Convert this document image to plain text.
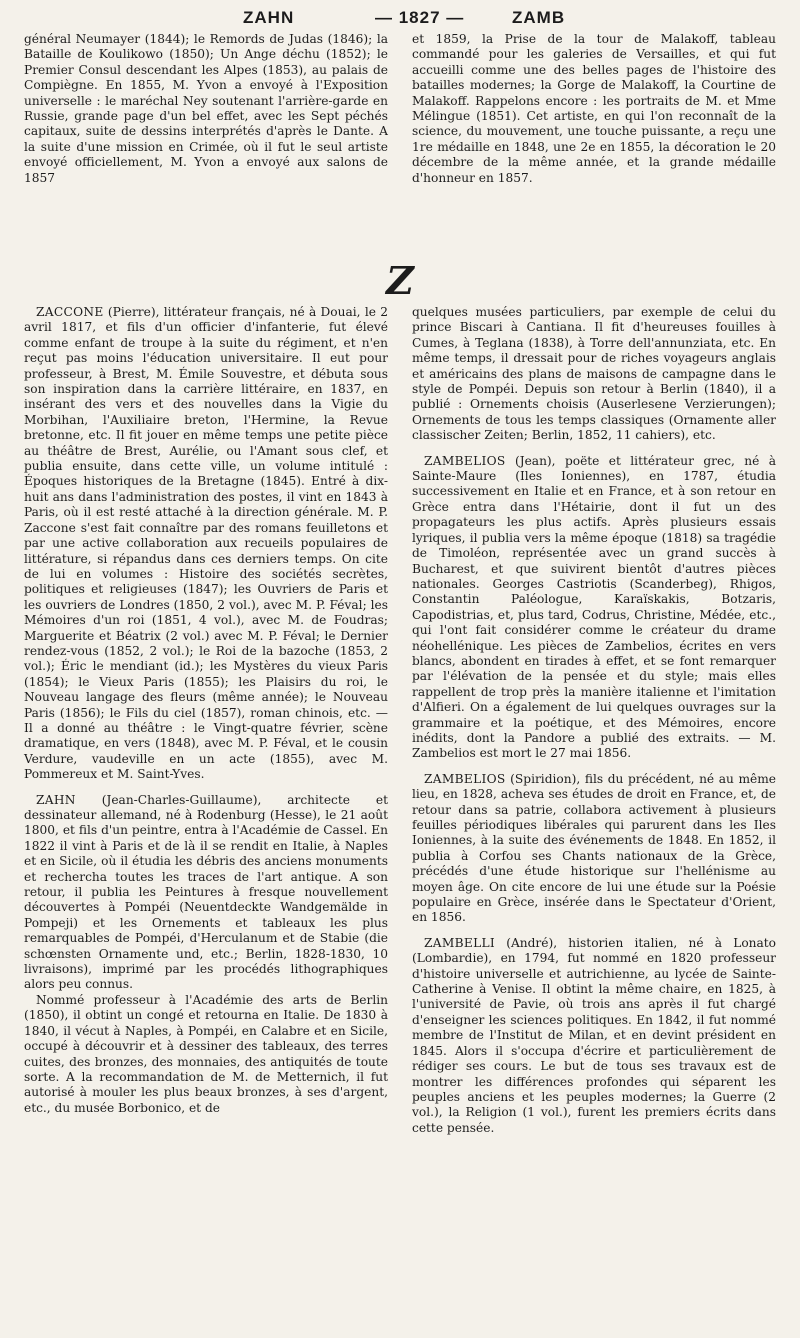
ZAHN	— 1827 —	ZAMB

général Neumayer (1844); le Remords de Judas (1846); la Bataille de Koulikowo (1850); Un Ange déchu (1852); le Premier Consul descendant les Alpes (1853), au palais de Compiègne. En 1855, M. Yvon a envoyé à l'Exposition universelle : le maréchal Ney soutenant l'arrière-garde en Russie, grande page d'un bel effet, avec les Sept péchés capitaux, suite de dessins interprétés d'après le Dante. A la suite d'une mission en Crimée, où il fut le seul artiste envoyé officiellement, M. Yvon a envoyé aux salons de 1857

et 1859, la Prise de la tour de Malakoff, tableau commandé pour les galeries de Versailles, et qui fut accueilli comme une des belles pages de l'histoire des batailles modernes; la Gorge de Malakoff, la Courtine de Malakoff. Rappelons encore : les portraits de M. et Mme Mélingue (1851). Cet artiste, en qui l'on reconnaît de la science, du mouvement, une touche puissante, a reçu une 1re médaille en 1848, une 2e en 1855, la décoration le 20 décembre de la même année, et la grande médaille d'honneur en 1857.

Z

ZACCONE (Pierre), littérateur français, né à Douai, le 2 avril 1817, et fils d'un officier d'infanterie, fut élevé comme enfant de troupe à la suite du régiment, et n'en reçut pas moins l'éducation universitaire. Il eut pour professeur, à Brest, M. Émile Souvestre, et débuta sous son inspiration dans la carrière littéraire, en 1837, en insérant des vers et des nouvelles dans la Vigie du Morbihan, l'Auxiliaire breton, l'Hermine, la Revue bretonne, etc. Il fit jouer en même temps une petite pièce au théâtre de Brest, Aurélie, ou l'Amant sous clef, et publia ensuite, dans cette ville, un volume intitulé : Époques historiques de la Bretagne (1845). Entré à dix-huit ans dans l'administration des postes, il vint en 1843 à Paris, où il est resté attaché à la direction générale. M. P. Zaccone s'est fait connaître par des romans feuilletons et par une active collaboration aux recueils populaires de littérature, si répandus dans ces derniers temps. On cite de lui en volumes : Histoire des sociétés secrètes, politiques et religieuses (1847); les Ouvriers de Paris et les ouvriers de Londres (1850, 2 vol.), avec M. P. Féval; les Mémoires d'un roi (1851, 4 vol.), avec M. de Foudras; Marguerite et Béatrix (2 vol.) avec M. P. Féval; le Dernier rendez-vous (1852, 2 vol.); le Roi de la bazoche (1853, 2 vol.); Éric le mendiant (id.); les Mystères du vieux Paris (1854); le Vieux Paris (1855); les Plaisirs du roi, le Nouveau langage des fleurs (même année); le Nouveau Paris (1856); le Fils du ciel (1857), roman chinois, etc. — Il a donné au théâtre : le Vingt-quatre février, scène dramatique, en vers (1848), avec M. P. Féval, et le cousin Verdure, vaudeville en un acte (1855), avec M. Pommereux et M. Saint-Yves.

ZAHN (Jean-Charles-Guillaume), architecte et dessinateur allemand, né à Rodenburg (Hesse), le 21 août 1800, et fils d'un peintre, entra à l'Académie de Cassel. En 1822 il vint à Paris et de là il se rendit en Italie, à Naples et en Sicile, où il étudia les débris des anciens monuments et rechercha toutes les traces de l'art antique. A son retour, il publia les Peintures à fresque nouvellement découvertes à Pompéi (Neuentdeckte Wandgemälde in Pompeji) et les Ornements et tableaux les plus remarquables de Pompéi, d'Herculanum et de Stabie (die schœnsten Ornamente und, etc.; Berlin, 1828-1830, 10 livraisons), imprimé par les procédés lithographiques alors peu connus.

Nommé professeur à l'Académie des arts de Berlin (1850), il obtint un congé et retourna en Italie. De 1830 à 1840, il vécut à Naples, à Pompéi, en Calabre et en Sicile, occupé à découvrir et à dessiner des tableaux, des terres cuites, des bronzes, des monnaies, des antiquités de toute sorte. A la recommandation de M. de Metternich, il fut autorisé à mouler les plus beaux bronzes, à ses d'argent, etc., du musée Borbonico, et de

quelques musées particuliers, par exemple de celui du prince Biscari à Cantiana. Il fit d'heureuses fouilles à Cumes, à Teglana (1838), à Torre dell'annunziata, etc. En même temps, il dressait pour de riches voyageurs anglais et américains des plans de maisons de campagne dans le style de Pompéi. Depuis son retour à Berlin (1840), il a publié : Ornements choisis (Auserlesene Verzierungen); Ornements de tous les temps classiques (Ornamente aller classischer Zeiten; Berlin, 1852, 11 cahiers), etc.

ZAMBELIOS (Jean), poëte et littérateur grec, né à Sainte-Maure (Iles Ioniennes), en 1787, étudia successivement en Italie et en France, et à son retour en Grèce entra dans l'Hétairie, dont il fut un des propagateurs les plus actifs. Après plusieurs essais lyriques, il publia vers la même époque (1818) sa tragédie de Timoléon, représentée avec un grand succès à Bucharest, et que suivirent bientôt d'autres pièces nationales. Georges Castriotis (Scanderbeg), Rhigos, Constantin Paléologue, Karaïskakis, Botzaris, Capodistrias, et, plus tard, Codrus, Christine, Médée, etc., qui l'ont fait considérer comme le créateur du drame néohellénique. Les pièces de Zambelios, écrites en vers blancs, abondent en tirades à effet, et se font remarquer par l'élévation de la pensée et du style; mais elles rappellent de trop près la manière italienne et l'imitation d'Alfieri. On a également de lui quelques ouvrages sur la grammaire et la poétique, et des Mémoires, encore inédits, dont la Pandore a publié des extraits. — M. Zambelios est mort le 27 mai 1856.

ZAMBELIOS (Spiridion), fils du précédent, né au même lieu, en 1828, acheva ses études de droit en France, et, de retour dans sa patrie, collabora activement à plusieurs feuilles périodiques libérales qui parurent dans les Iles Ioniennes, à la suite des événements de 1848. En 1852, il publia à Corfou ses Chants nationaux de la Grèce, précédés d'une étude historique sur l'hellénisme au moyen âge. On cite encore de lui une étude sur la Poésie populaire en Grèce, insérée dans le Spectateur d'Orient, en 1856.

ZAMBELLI (André), historien italien, né à Lonato (Lombardie), en 1794, fut nommé en 1820 professeur d'histoire universelle et autrichienne, au lycée de Sainte-Catherine à Venise. Il obtint la même chaire, en 1825, à l'université de Pavie, où trois ans après il fut chargé d'enseigner les sciences politiques. En 1842, il fut nommé membre de l'Institut de Milan, et en devint président en 1845. Alors il s'occupa d'écrire et particulièrement de rédiger ses cours. Le but de tous ses travaux est de montrer les différences profondes qui séparent les peuples anciens et les peuples modernes; la Guerre (2 vol.), la Religion (1 vol.), furent les premiers écrits dans cette pensée.
